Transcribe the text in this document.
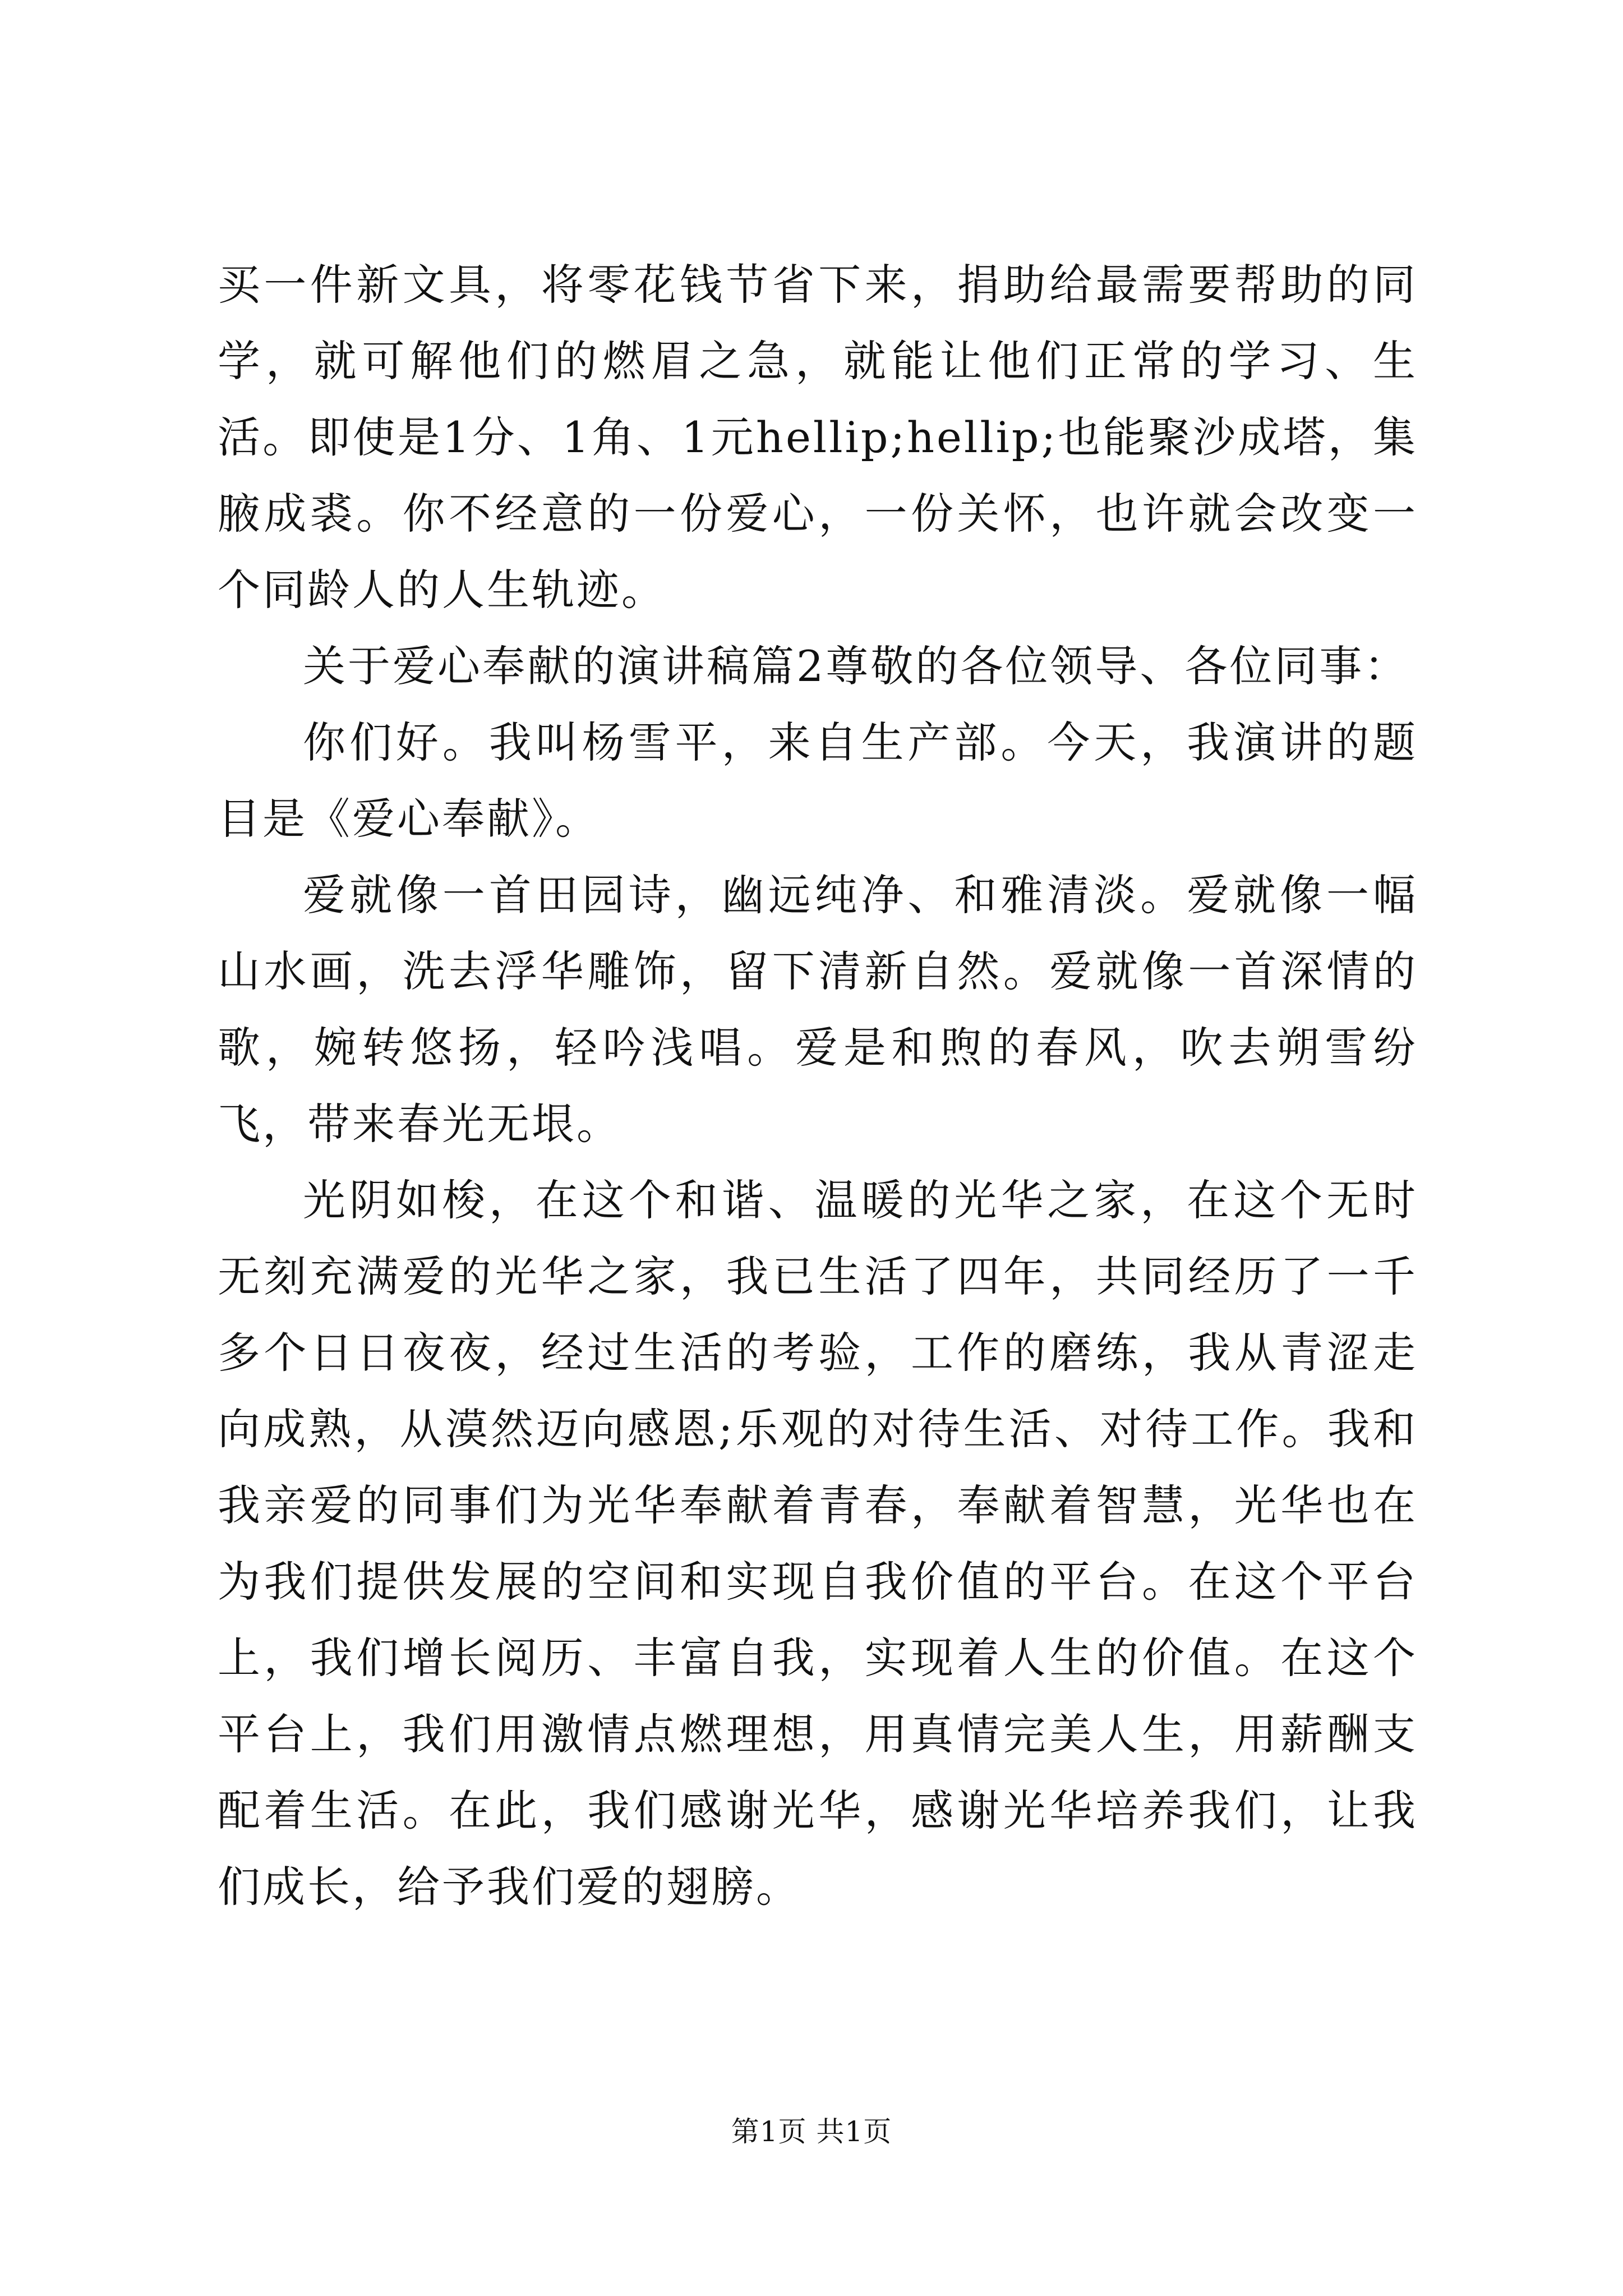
买一件新文具，将零花钱节省下来，捐助给最需要帮助的同学，就可解他们的燃眉之急，就能让他们正常的学习、生活。即使是1分、1角、1元hellip;hellip;也能聚沙成塔，集腋成裘。你不经意的一份爱心，一份关怀，也许就会改变一个同龄人的人生轨迹。

关于爱心奉献的演讲稿篇2尊敬的各位领导、各位同事：

你们好。我叫杨雪平，来自生产部。今天，我演讲的题目是《爱心奉献》。

爱就像一首田园诗，幽远纯净、和雅清淡。爱就像一幅山水画，洗去浮华雕饰，留下清新自然。爱就像一首深情的歌，婉转悠扬，轻吟浅唱。爱是和煦的春风，吹去朔雪纷飞，带来春光无垠。

光阴如梭，在这个和谐、温暖的光华之家，在这个无时无刻充满爱的光华之家，我已生活了四年，共同经历了一千多个日日夜夜，经过生活的考验，工作的磨练，我从青涩走向成熟，从漠然迈向感恩;乐观的对待生活、对待工作。我和我亲爱的同事们为光华奉献着青春，奉献着智慧，光华也在为我们提供发展的空间和实现自我价值的平台。在这个平台上，我们增长阅历、丰富自我，实现着人生的价值。在这个平台上，我们用激情点燃理想，用真情完美人生，用薪酬支配着生活。在此，我们感谢光华，感谢光华培养我们，让我们成长，给予我们爱的翅膀。

第1页 共1页
